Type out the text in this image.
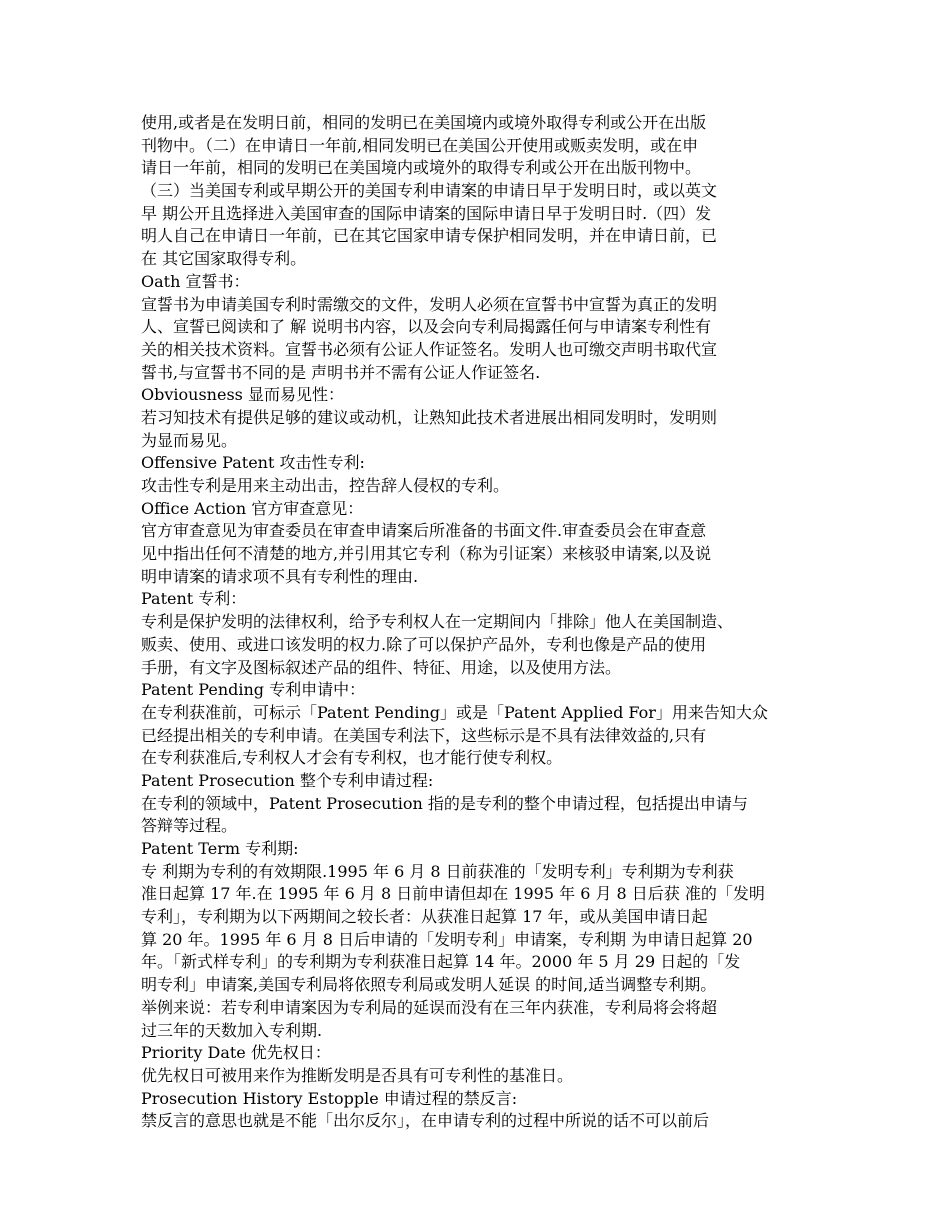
使用,或者是在发明日前，相同的发明已在美国境内或境外取得专利或公开在出版
刊物中。（二）在申请日一年前,相同发明已在美国公开使用或贩卖发明，或在申
请日一年前，相同的发明已在美国境内或境外的取得专利或公开在出版刊物中。
（三）当美国专利或早期公开的美国专利申请案的申请日早于发明日时，或以英文
早 期公开且选择进入美国审查的国际申请案的国际申请日早于发明日时.（四）发
明人自己在申请日一年前，已在其它国家申请专保护相同发明，并在申请日前，已
在 其它国家取得专利。
Oath 宣誓书：
宣誓书为申请美国专利时需缴交的文件，发明人必须在宣誓书中宣誓为真正的发明
人、宣誓已阅读和了 解 说明书内容，以及会向专利局揭露任何与申请案专利性有
关的相关技术资料。宣誓书必须有公证人作证签名。发明人也可缴交声明书取代宣
誓书,与宣誓书不同的是 声明书并不需有公证人作证签名.
Obviousness 显而易见性：
若习知技术有提供足够的建议或动机，让熟知此技术者进展出相同发明时，发明则
为显而易见。
Offensive Patent 攻击性专利:
攻击性专利是用来主动出击，控告辞人侵权的专利。
Office Action 官方审查意见：
官方审查意见为审查委员在审查申请案后所准备的书面文件.审查委员会在审查意
见中指出任何不清楚的地方,并引用其它专利（称为引证案）来核驳申请案,以及说
明申请案的请求项不具有专利性的理由.
Patent 专利：
专利是保护发明的法律权利，给予专利权人在一定期间内「排除」他人在美国制造、
贩卖、使用、或进口该发明的权力.除了可以保护产品外，专利也像是产品的使用
手册，有文字及图标叙述产品的组件、特征、用途，以及使用方法。
Patent Pending 专利申请中：
在专利获准前，可标示「Patent Pending」或是「Patent Applied For」用来告知大众
已经提出相关的专利申请。在美国专利法下，这些标示是不具有法律效益的,只有
在专利获准后,专利权人才会有专利权，也才能行使专利权。
Patent Prosecution 整个专利申请过程:
在专利的领域中，Patent Prosecution 指的是专利的整个申请过程，包括提出申请与
答辩等过程。
Patent Term 专利期:
专 利期为专利的有效期限.1995 年 6 月 8 日前获准的「发明专利」专利期为专利获
准日起算 17 年.在 1995 年 6 月 8 日前申请但却在 1995 年 6 月 8 日后获 准的「发明
专利」，专利期为以下两期间之较长者：从获准日起算 17 年，或从美国申请日起
算 20 年。1995 年 6 月 8 日后申请的「发明专利」申请案，专利期 为申请日起算 20
年。「新式样专利」的专利期为专利获准日起算 14 年。2000 年 5 月 29 日起的「发
明专利」申请案,美国专利局将依照专利局或发明人延误 的时间,适当调整专利期。
举例来说：若专利申请案因为专利局的延误而没有在三年内获准，专利局将会将超
过三年的天数加入专利期.
Priority Date 优先权日：
优先权日可被用来作为推断发明是否具有可专利性的基准日。
Prosecution History Estopple 申请过程的禁反言:
禁反言的意思也就是不能「出尔反尔」，在申请专利的过程中所说的话不可以前后
